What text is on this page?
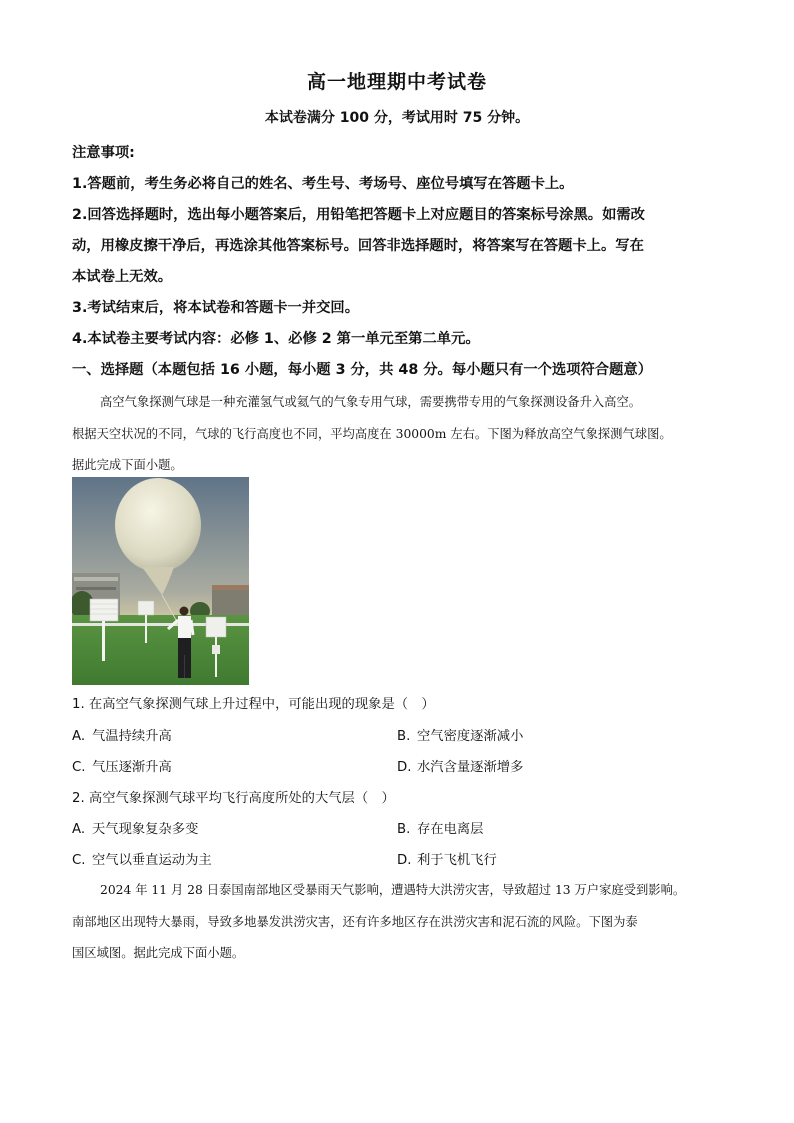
高一地理期中考试卷
本试卷满分 100 分，考试用时 75 分钟。
注意事项:
1.答题前，考生务必将自己的姓名、考生号、考场号、座位号填写在答题卡上。
2.回答选择题时，选出每小题答案后，用铅笔把答题卡上对应题目的答案标号涂黑。如需改
动，用橡皮擦干净后，再选涂其他答案标号。回答非选择题时，将答案写在答题卡上。写在
本试卷上无效。
3.考试结束后，将本试卷和答题卡一并交回。
4.本试卷主要考试内容：必修 1、必修 2 第一单元至第二单元。
一、选择题（本题包括 16 小题，每小题 3 分，共 48 分。每小题只有一个选项符合题意）
高空气象探测气球是一种充灌氢气或氦气的气象专用气球，需要携带专用的气象探测设备升入高空。
根据天空状况的不同，气球的飞行高度也不同，平均高度在 30000m 左右。下图为释放高空气象探测气球图。
据此完成下面小题。
1. 在高空气象探测气球上升过程中，可能出现的现象是（　）
A. 气温持续升高	B. 空气密度逐渐减小
C. 气压逐渐升高	D. 水汽含量逐渐增多
2. 高空气象探测气球平均飞行高度所处的大气层（　）
A. 天气现象复杂多变	B. 存在电离层
C. 空气以垂直运动为主	D. 利于飞机飞行
2024 年 11 月 28 日泰国南部地区受暴雨天气影响，遭遇特大洪涝灾害，导致超过 13 万户家庭受到影响。
南部地区出现特大暴雨，导致多地暴发洪涝灾害，还有许多地区存在洪涝灾害和泥石流的风险。下图为泰
国区域图。据此完成下面小题。
